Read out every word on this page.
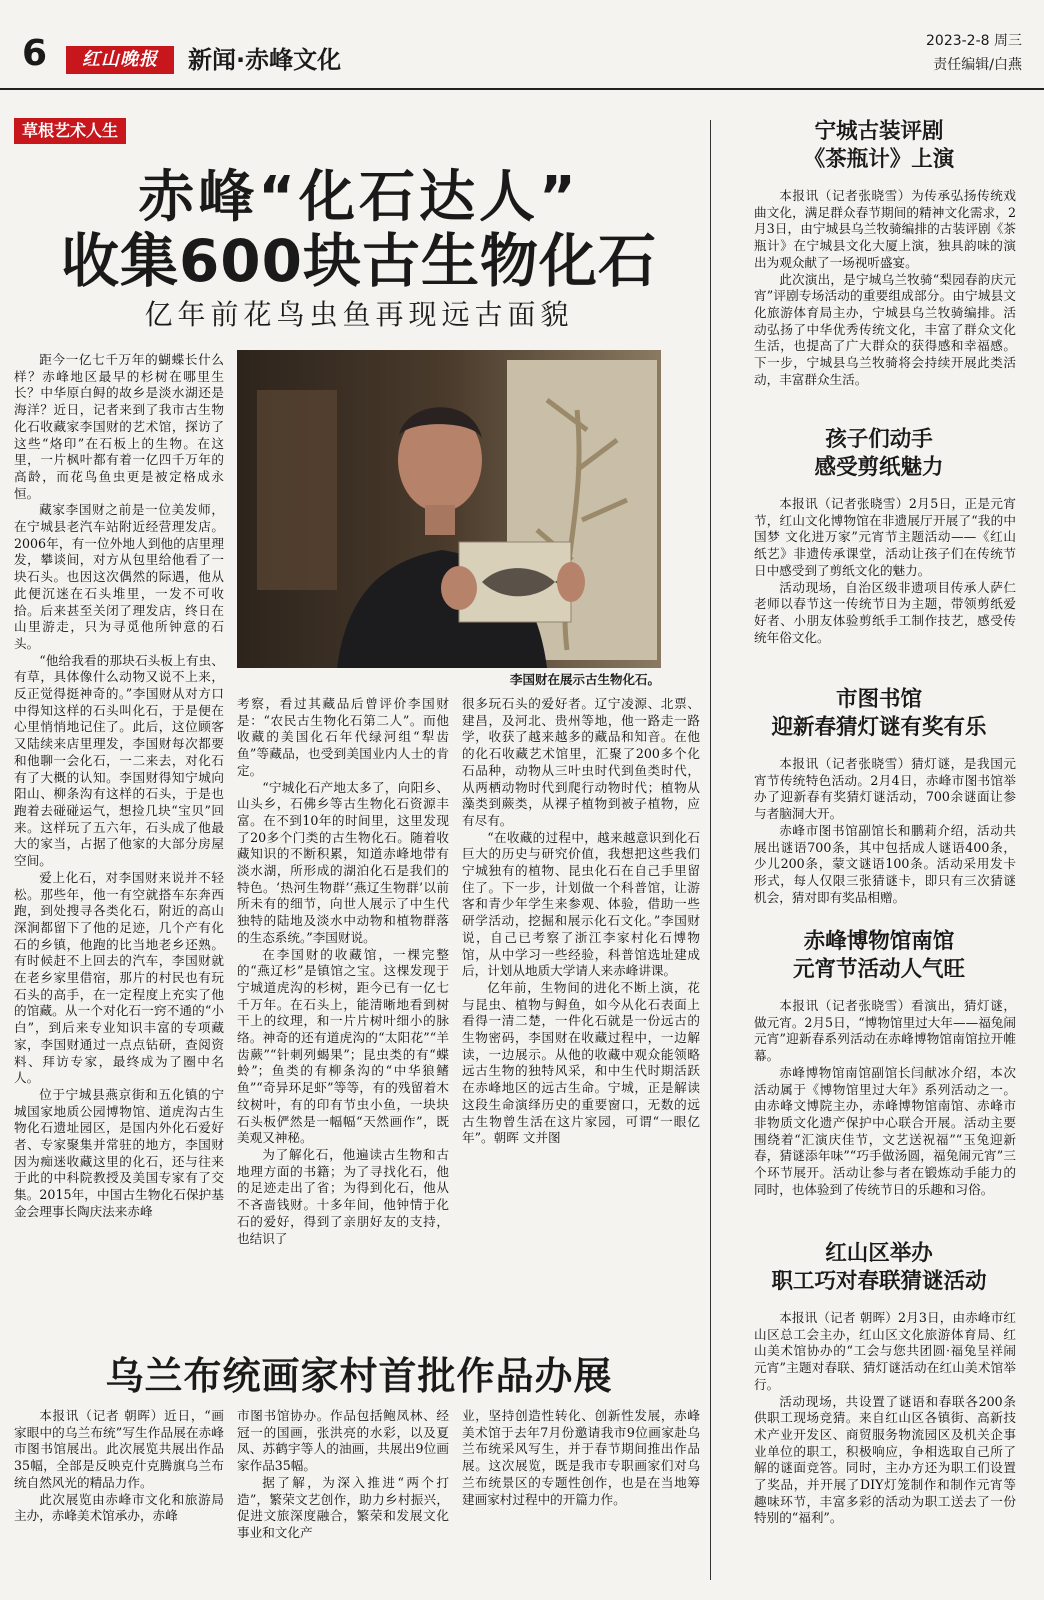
6	红山晚报	新闻·赤峰文化
2023-2-8 周三
责任编辑/白燕
草根艺术人生
赤峰“化石达人”
收集600块古生物化石
亿年前花鸟虫鱼再现远古面貌

距今一亿七千万年的蝴蝶长什么样？赤峰地区最早的杉树在哪里生长？中华原白鲟的故乡是淡水湖还是海洋？近日，记者来到了我市古生物化石收藏家李国财的艺术馆，探访了这些“烙印”在石板上的生物。在这里，一片枫叶都有着一亿四千万年的高龄，而花鸟鱼虫更是被定格成永恒。

藏家李国财之前是一位美发师，在宁城县老汽车站附近经营理发店。2006年，有一位外地人到他的店里理发，攀谈间，对方从包里给他看了一块石头。也因这次偶然的际遇，他从此便沉迷在石头堆里，一发不可收拾。后来甚至关闭了理发店，终日在山里游走，只为寻觅他所钟意的石头。

“他给我看的那块石头板上有虫、有草，具体像什么动物又说不上来，反正觉得挺神奇的。”李国财从对方口中得知这样的石头叫化石，于是便在心里悄悄地记住了。此后，这位顾客又陆续来店里理发，李国财每次都要和他聊一会化石，一二来去，对化石有了大概的认知。李国财得知宁城向阳山、柳条沟有这样的石头，于是也跑着去碰碰运气，想捡几块“宝贝”回来。这样玩了五六年，石头成了他最大的家当，占据了他家的大部分房屋空间。

爱上化石，对李国财来说并不轻松。那些年，他一有空就搭车东奔西跑，到处搜寻各类化石，附近的高山深涧都留下了他的足迹，几个产有化石的乡镇，他跑的比当地老乡还熟。有时候赶不上回去的汽车，李国财就在老乡家里借宿，那片的村民也有玩石头的高手，在一定程度上充实了他的馆藏。从一个对化石一窍不通的“小白”，到后来专业知识丰富的专项藏家，李国财通过一点点钻研，查阅资料、拜访专家，最终成为了圈中名人。

位于宁城县燕京街和五化镇的宁城国家地质公园博物馆、道虎沟古生物化石遗址园区，是国内外化石爱好者、专家聚集并常驻的地方，李国财因为痴迷收藏这里的化石，还与往来于此的中科院教授及美国专家有了交集。2015年，中国古生物化石保护基金会理事长陶庆法来赤峰

李国财在展示古生物化石。

考察，看过其藏品后曾评价李国财是：“农民古生物化石第二人”。而他收藏的美国化石年代绿河组“犁齿鱼”等藏品，也受到美国业内人士的肯定。

“宁城化石产地太多了，向阳乡、山头乡，石佛乡等古生物化石资源丰富。在不到10年的时间里，这里发现了20多个门类的古生物化石。随着收藏知识的不断积累，知道赤峰地带有淡水湖，所形成的湖泊化石是我们的特色。‘热河生物群’‘燕辽生物群’以前所未有的细节，向世人展示了中生代独特的陆地及淡水中动物和植物群落的生态系统。”李国财说。

在李国财的收藏馆，一棵完整的“燕辽杉”是镇馆之宝。这棵发现于宁城道虎沟的杉树，距今已有一亿七千万年。在石头上，能清晰地看到树干上的纹理，和一片片树叶细小的脉络。神奇的还有道虎沟的“太阳花”“羊齿蕨”“针刺列蝎果”；昆虫类的有“蝶蛉”；鱼类的有柳条沟的“中华狼鳍鱼”“奇异环足虾”等等，有的残留着木纹树叶，有的印有节虫小鱼，一块块石头板俨然是一幅幅“天然画作”，既美观又神秘。

为了解化石，他遍读古生物和古地理方面的书籍；为了寻找化石，他的足迹走出了省；为得到化石，他从不吝啬钱财。十多年间，他钟情于化石的爱好，得到了亲朋好友的支持，也结识了

很多玩石头的爱好者。辽宁凌源、北票、建昌，及河北、贵州等地，他一路走一路学，收获了越来越多的藏品和知音。在他的化石收藏艺术馆里，汇聚了200多个化石品种，动物从三叶虫时代到鱼类时代，从两栖动物时代到爬行动物时代；植物从藻类到蕨类，从裸子植物到被子植物，应有尽有。

“在收藏的过程中，越来越意识到化石巨大的历史与研究价值，我想把这些我们宁城独有的植物、昆虫化石在自己手里留住了。下一步，计划做一个科普馆，让游客和青少年学生来参观、体验，借助一些研学活动，挖掘和展示化石文化。”李国财说，自己已考察了浙江李家村化石博物馆，从中学习一些经验，科普馆选址建成后，计划从地质大学请人来赤峰讲课。

亿年前，生物间的进化不断上演，花与昆虫、植物与鲟鱼，如今从化石表面上看得一清二楚，一件化石就是一份远古的生物密码，李国财在收藏过程中，一边解读，一边展示。从他的收藏中观众能领略远古生物的独特风采，和中生代时期活跃在赤峰地区的远古生命。宁城，正是解读这段生命演绎历史的重要窗口，无数的远古生物曾生活在这片家园，可谓“一眼亿年”。朝晖 文并图

乌兰布统画家村首批作品办展

本报讯（记者 朝晖）近日，“画家眼中的乌兰布统”写生作品展在赤峰市图书馆展出。此次展览共展出作品35幅，全部是反映克什克腾旗乌兰布统自然风光的精品力作。

此次展览由赤峰市文化和旅游局主办，赤峰美术馆承办，赤峰

市图书馆协办。作品包括鲍凤林、经冠一的国画，张洪亮的水彩，以及夏凤、苏鹤宇等人的油画，共展出9位画家作品35幅。

据了解，为深入推进“两个打造”，繁荣文艺创作，助力乡村振兴，促进文旅深度融合，繁荣和发展文化事业和文化产

业，坚持创造性转化、创新性发展，赤峰美术馆于去年7月份邀请我市9位画家赴乌兰布统采风写生，并于春节期间推出作品展。这次展览，既是我市专职画家们对乌兰布统景区的专题性创作，也是在当地筹建画家村过程中的开篇力作。

宁城古装评剧
《茶瓶计》上演

本报讯（记者张晓雪）为传承弘扬传统戏曲文化，满足群众春节期间的精神文化需求，2月3日，由宁城县乌兰牧骑编排的古装评剧《茶瓶计》在宁城县文化大厦上演，独具韵味的演出为观众献了一场视听盛宴。

此次演出，是宁城乌兰牧骑“梨园春韵庆元宵”评剧专场活动的重要组成部分。由宁城县文化旅游体育局主办，宁城县乌兰牧骑编排。活动弘扬了中华优秀传统文化，丰富了群众文化生活，也提高了广大群众的获得感和幸福感。下一步，宁城县乌兰牧骑将会持续开展此类活动，丰富群众生活。

孩子们动手
感受剪纸魅力

本报讯（记者张晓雪）2月5日，正是元宵节，红山文化博物馆在非遗展厅开展了“我的中国梦 文化进万家”元宵节主题活动——《红山纸艺》非遗传承课堂，活动让孩子们在传统节日中感受到了剪纸文化的魅力。

活动现场，自治区级非遗项目传承人萨仁老师以春节这一传统节日为主题，带领剪纸爱好者、小朋友体验剪纸手工制作技艺，感受传统年俗文化。

市图书馆
迎新春猜灯谜有奖有乐

本报讯（记者张晓雪）猜灯谜，是我国元宵节传统特色活动。2月4日，赤峰市图书馆举办了迎新春有奖猜灯谜活动，700余谜面让参与者脑洞大开。

赤峰市图书馆副馆长和鹏莉介绍，活动共展出谜语700条，其中包括成人谜语400条，少儿200条，蒙文谜语100条。活动采用发卡形式，每人仅限三张猜谜卡，即只有三次猜谜机会，猜对即有奖品相赠。

赤峰博物馆南馆
元宵节活动人气旺

本报讯（记者张晓雪）看演出，猜灯谜，做元宵。2月5日，“博物馆里过大年——福兔闹元宵”迎新春系列活动在赤峰博物馆南馆拉开帷幕。

赤峰博物馆南馆副馆长闫献冰介绍，本次活动属于《博物馆里过大年》系列活动之一。由赤峰文博院主办，赤峰博物馆南馆、赤峰市非物质文化遗产保护中心联合开展。活动主要围绕着“汇演庆佳节，文艺送祝福”“玉兔迎新春，猜谜添年味”“巧手做汤圆，福兔闹元宵”三个环节展开。活动让参与者在锻炼动手能力的同时，也体验到了传统节日的乐趣和习俗。

红山区举办
职工巧对春联猜谜活动

本报讯（记者 朝晖）2月3日，由赤峰市红山区总工会主办，红山区文化旅游体育局、红山美术馆协办的“工会与您共团圆·福兔呈祥闹元宵”主题对春联、猜灯谜活动在红山美术馆举行。

活动现场，共设置了谜语和春联各200条供职工现场竞猜。来自红山区各镇街、高新技术产业开发区、商贸服务物流园区及机关企事业单位的职工，积极响应，争相选取自己所了解的谜面竞答。同时，主办方还为职工们设置了奖品，并开展了DIY灯笼制作和制作元宵等趣味环节，丰富多彩的活动为职工送去了一份特别的“福利”。
